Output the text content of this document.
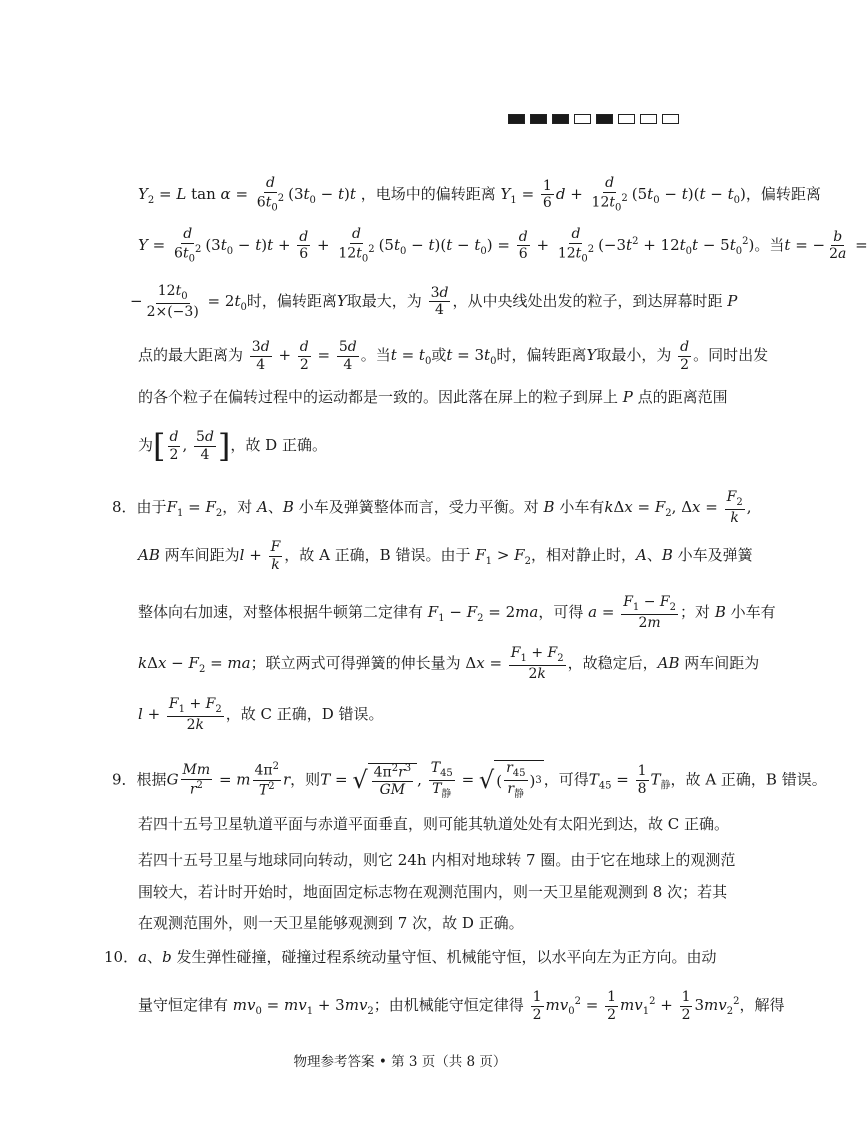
$Y_2 = L$ $\tan \alpha = \frac{d}{6t_0^2} (3t_0 - t)t$ ，电场中的偏转距离 $Y_1 = \frac{1}{6}$ $d + \frac{d}{12t_0^2} (5t_0 - t)(t - t_0)$，偏转距离
$Y = \frac{d}{6t_0^2} (3t_0 - t)t + \frac{d}{6} + \frac{d}{12t_0^2} (5t_0 - t)(t - t_0) = \frac{d}{6} + \frac{d}{12t_0^2} (-3t^2 + 12t_0t - 5t_0^2)$。当t = − $\frac{b}{2a}$ =
− $\frac{12t_0}{2\times(-3)} = 2t_0$时，偏转距离Y取最大，为 $\frac{3d}{4}$ ，从中央线处出发的粒子，到达屏幕时距 P
点的最大距离为 $\frac{3d}{4} + \frac{d}{2} = \frac{5d}{4}$ 。当$t = t_0$或$t = 3t_0$时，偏转距离Y取最小，为 $\frac{d}{2}$ 。同时出发
的各个粒子在偏转过程中的运动都是一致的。因此落在屏上的粒子到屏上 P 点的距离范围
为[ $\frac{d}{2}$ , $\frac{5d}{4}$ ]，故 D 正确。
8．由于$F_1 = F_2$，对 A、B 小车及弹簧整体而言，受力平衡。对 B 小车有$k\Delta x = F_2$, $\Delta x = \frac{F_2}{k}$ ,
AB 两车间距为$l + \frac{F}{k}$ ，故 A 正确，B 错误。由于 $F_1 > F_2$，相对静止时，A、B 小车及弹簧
整体向右加速，对整体根据牛顿第二定律有 $F_1 - F_2 = 2ma$，可得 $a = \frac{F_1 - F_2}{2m}$ ；对 B 小车有
$k\Delta x - F_2$ = ma；联立两式可得弹簧的伸长量为 $\Delta x = \frac{F_1 + F_2}{2k}$ ，故稳定后，AB 两车间距为
$l + \frac{F_1 + F_2}{2k}$ ，故 C 正确，D 错误。
9．根据G $\frac{Mm}{r^2} = m \frac{4\pi^2}{T^2}$ r，则T = √ $\frac{4\pi^2r^3}{GM}$ , $\frac{T_{45}}{T_静}$ = √ ( $\frac{r_{45}}{r_静}$ ) 3 ，可得$T_{45} = \frac{1}{8} T_静$，故 A 正确，B 错误。
若四十五号卫星轨道平面与赤道平面垂直，则可能其轨道处处有太阳光到达，故 C 正确。
若四十五号卫星与地球同向转动，则它 24h 内相对地球转 7 圈。由于它在地球上的观测范
围较大，若计时开始时，地面固定标志物在观测范围内，则一天卫星能观测到 8 次；若其
在观测范围外，则一天卫星能够观测到 7 次，故 D 正确。
10．a、b 发生弹性碰撞，碰撞过程系统动量守恒、机械能守恒，以水平向左为正方向。由动
量守恒定律有 $mv_0 = mv_1 + 3mv_2$；由机械能守恒定律得 $\frac{1}{2} mv_0^2 = \frac{1}{2} mv_1^2 + \frac{1}{2} 3mv_2^2$，解得
物理参考答案 • 第 3 页（共 8 页）
